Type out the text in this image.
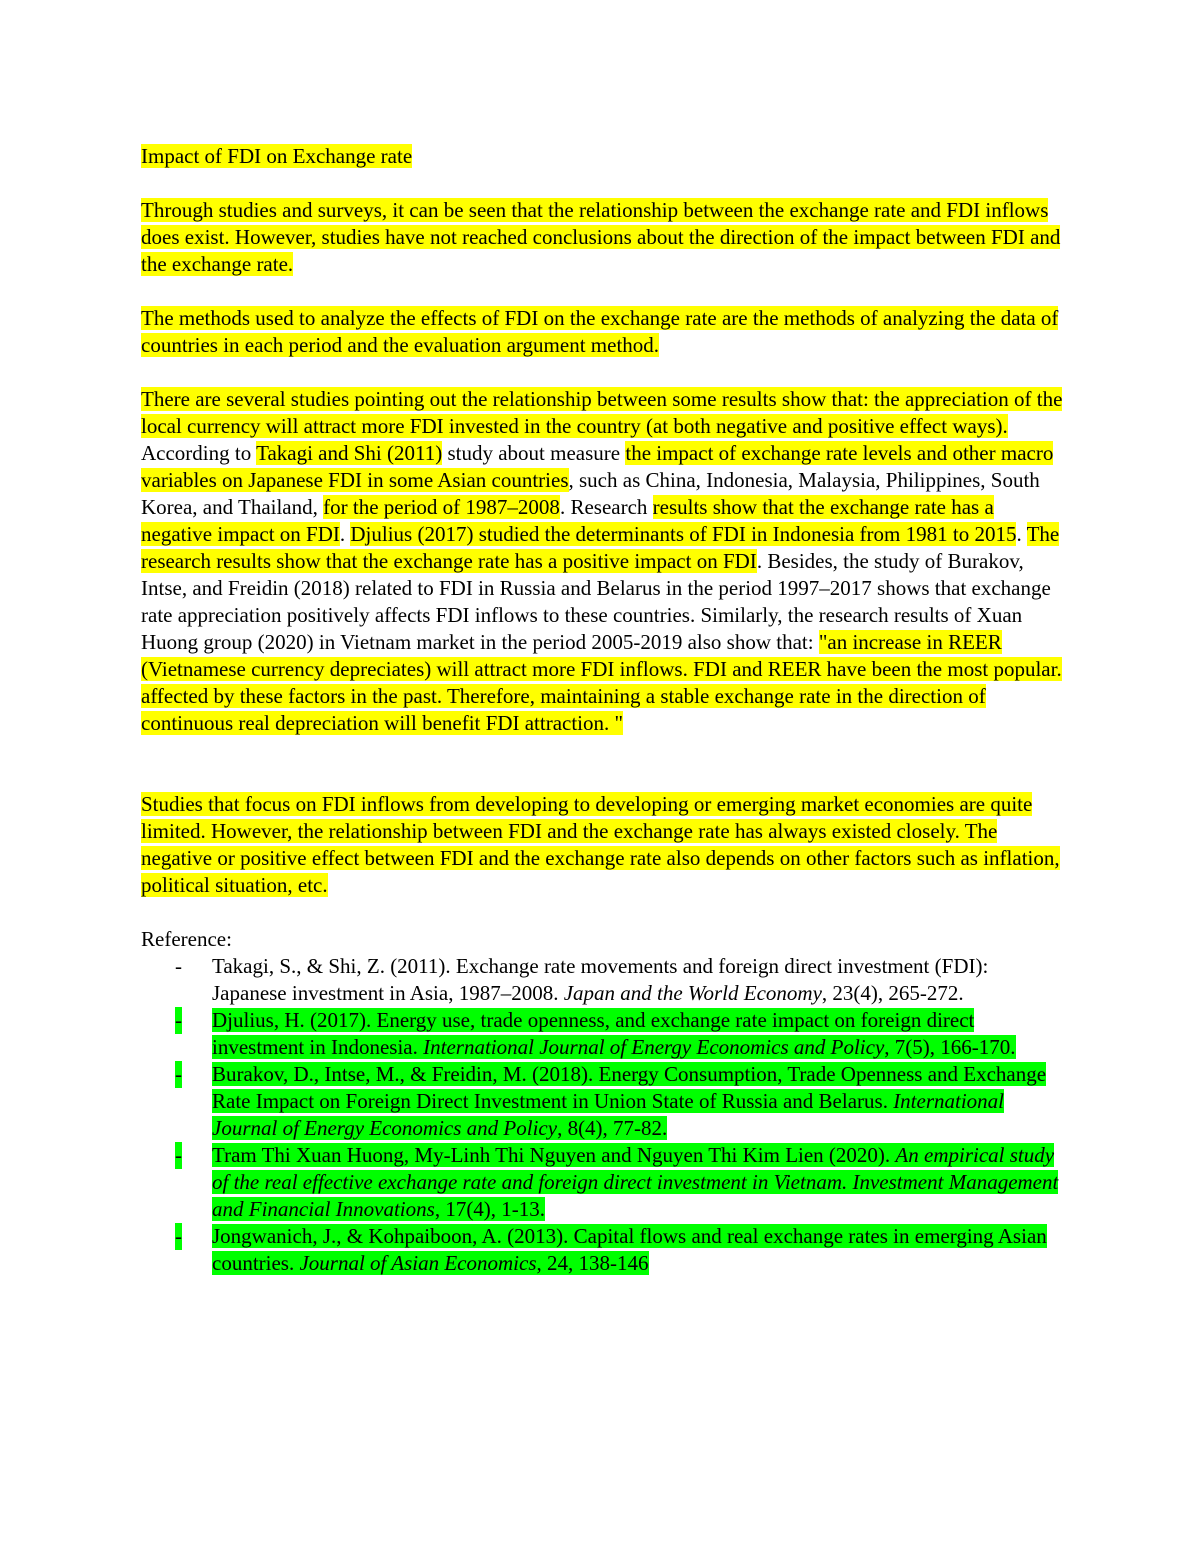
Impact of FDI on Exchange rate

Through studies and surveys, it can be seen that the relationship between the exchange rate and FDI inflows does exist. However, studies have not reached conclusions about the direction of the impact between FDI and the exchange rate.

The methods used to analyze the effects of FDI on the exchange rate are the methods of analyzing the data of countries in each period and the evaluation argument method.

There are several studies pointing out the relationship between some results show that: the appreciation of the local currency will attract more FDI invested in the country (at both negative and positive effect ways). According to Takagi and Shi (2011) study about measure the impact of exchange rate levels and other macro variables on Japanese FDI in some Asian countries, such as China, Indonesia, Malaysia, Philippines, South Korea, and Thailand, for the period of 1987–2008. Research results show that the exchange rate has a negative impact on FDI. Djulius (2017) studied the determinants of FDI in Indonesia from 1981 to 2015. The research results show that the exchange rate has a positive impact on FDI. Besides, the study of Burakov, Intse, and Freidin (2018) related to FDI in Russia and Belarus in the period 1997–2017 shows that exchange rate appreciation positively affects FDI inflows to these countries. Similarly, the research results of Xuan Huong group (2020) in Vietnam market in the period 2005-2019 also show that: "an increase in REER (Vietnamese currency depreciates) will attract more FDI inflows. FDI and REER have been the most popular. affected by these factors in the past. Therefore, maintaining a stable exchange rate in the direction of continuous real depreciation will benefit FDI attraction. "

Studies that focus on FDI inflows from developing to developing or emerging market economies are quite limited. However, the relationship between FDI and the exchange rate has always existed closely. The negative or positive effect between FDI and the exchange rate also depends on other factors such as inflation, political situation, etc.

Reference:

- Takagi, S., & Shi, Z. (2011). Exchange rate movements and foreign direct investment (FDI): Japanese investment in Asia, 1987–2008. Japan and the World Economy, 23(4), 265-272.
- Djulius, H. (2017). Energy use, trade openness, and exchange rate impact on foreign direct investment in Indonesia. International Journal of Energy Economics and Policy, 7(5), 166-170.
- Burakov, D., Intse, M., & Freidin, M. (2018). Energy Consumption, Trade Openness and Exchange Rate Impact on Foreign Direct Investment in Union State of Russia and Belarus. International Journal of Energy Economics and Policy, 8(4), 77-82.
- Tram Thi Xuan Huong, My-Linh Thi Nguyen and Nguyen Thi Kim Lien (2020). An empirical study of the real effective exchange rate and foreign direct investment in Vietnam. Investment Management and Financial Innovations, 17(4), 1-13.
- Jongwanich, J., & Kohpaiboon, A. (2013). Capital flows and real exchange rates in emerging Asian countries. Journal of Asian Economics, 24, 138-146
